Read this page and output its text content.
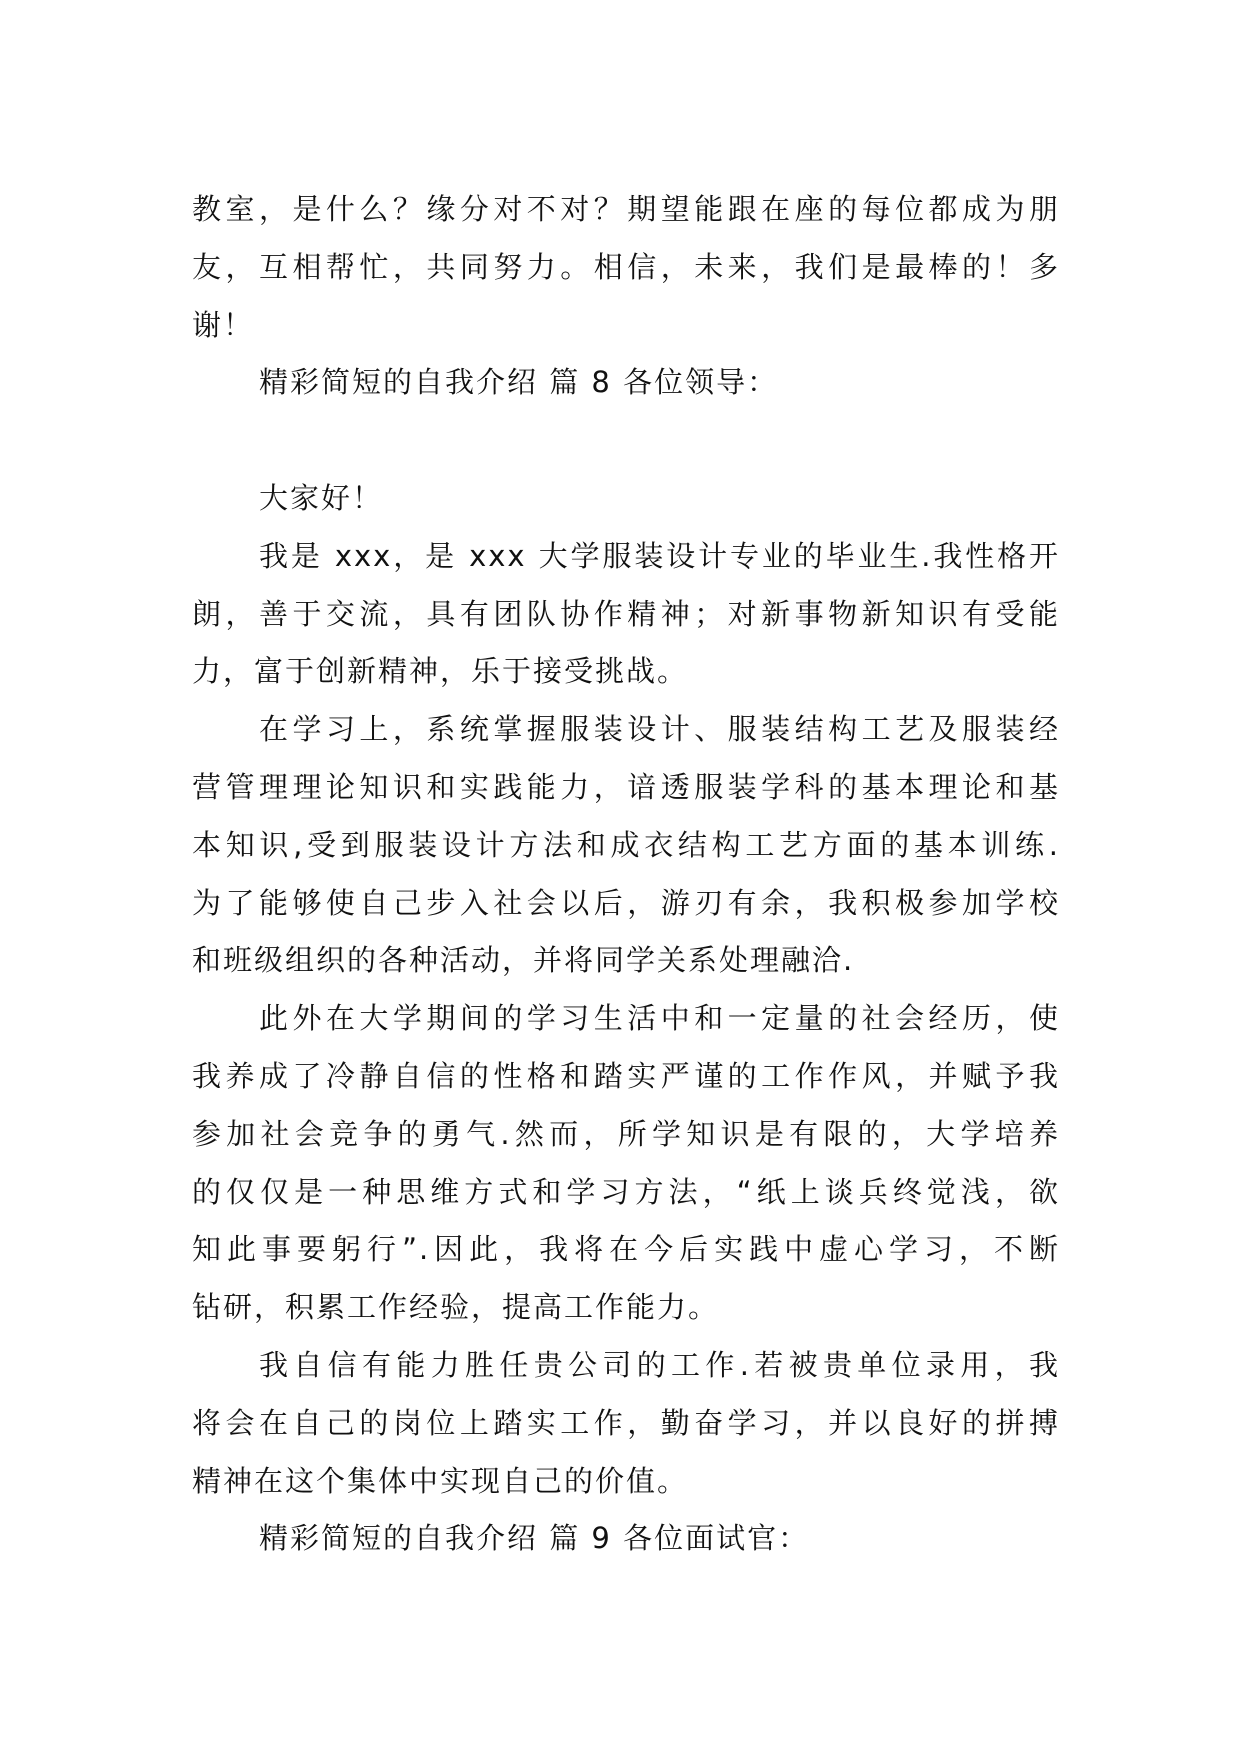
教室，是什么？缘分对不对？期望能跟在座的每位都成为朋
友，互相帮忙，共同努力。相信，未来，我们是最棒的！多
谢！
精彩简短的自我介绍 篇 8 各位领导：
大家好！
我是 xxx，是 xxx 大学服装设计专业的毕业生.我性格开
朗，善于交流，具有团队协作精神；对新事物新知识有受能
力，富于创新精神，乐于接受挑战。
在学习上，系统掌握服装设计、服装结构工艺及服装经
营管理理论知识和实践能力，谙透服装学科的基本理论和基
本知识,受到服装设计方法和成衣结构工艺方面的基本训练.
为了能够使自己步入社会以后，游刃有余，我积极参加学校
和班级组织的各种活动，并将同学关系处理融洽.
此外在大学期间的学习生活中和一定量的社会经历，使
我养成了冷静自信的性格和踏实严谨的工作作风，并赋予我
参加社会竞争的勇气.然而，所学知识是有限的，大学培养
的仅仅是一种思维方式和学习方法，“纸上谈兵终觉浅，欲
知此事要躬行”.因此，我将在今后实践中虚心学习，不断
钻研，积累工作经验，提高工作能力。
我自信有能力胜任贵公司的工作.若被贵单位录用，我
将会在自己的岗位上踏实工作，勤奋学习，并以良好的拼搏
精神在这个集体中实现自己的价值。
精彩简短的自我介绍 篇 9 各位面试官：
